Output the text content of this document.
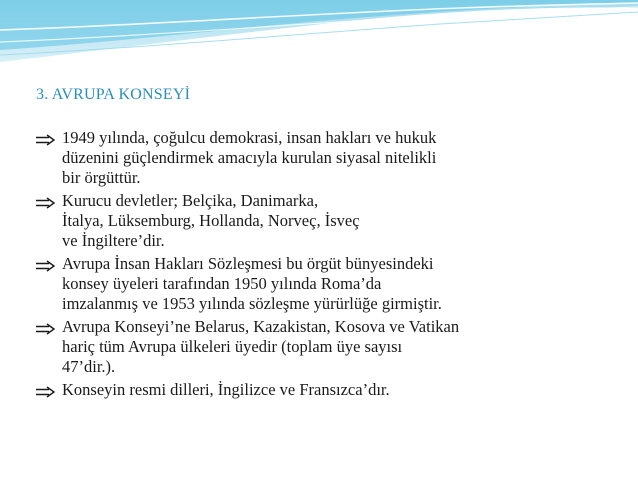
3. AVRUPA KONSEYİ
1949 yılında, çoğulcu demokrasi, insan hakları ve hukuk
düzenini güçlendirmek amacıyla kurulan siyasal nitelikli
bir örgüttür.
Kurucu devletler; Belçika, Danimarka,
İtalya, Lüksemburg, Hollanda, Norveç, İsveç
ve İngiltere’dir.
Avrupa İnsan Hakları Sözleşmesi bu örgüt bünyesindeki
konsey üyeleri tarafından 1950 yılında Roma’da
imzalanmış ve 1953 yılında sözleşme yürürlüğe girmiştir.
Avrupa Konseyi’ne Belarus, Kazakistan, Kosova ve Vatikan
hariç tüm Avrupa ülkeleri üyedir (toplam üye sayısı
47’dir.).
Konseyin resmi dilleri, İngilizce ve Fransızca’dır.
